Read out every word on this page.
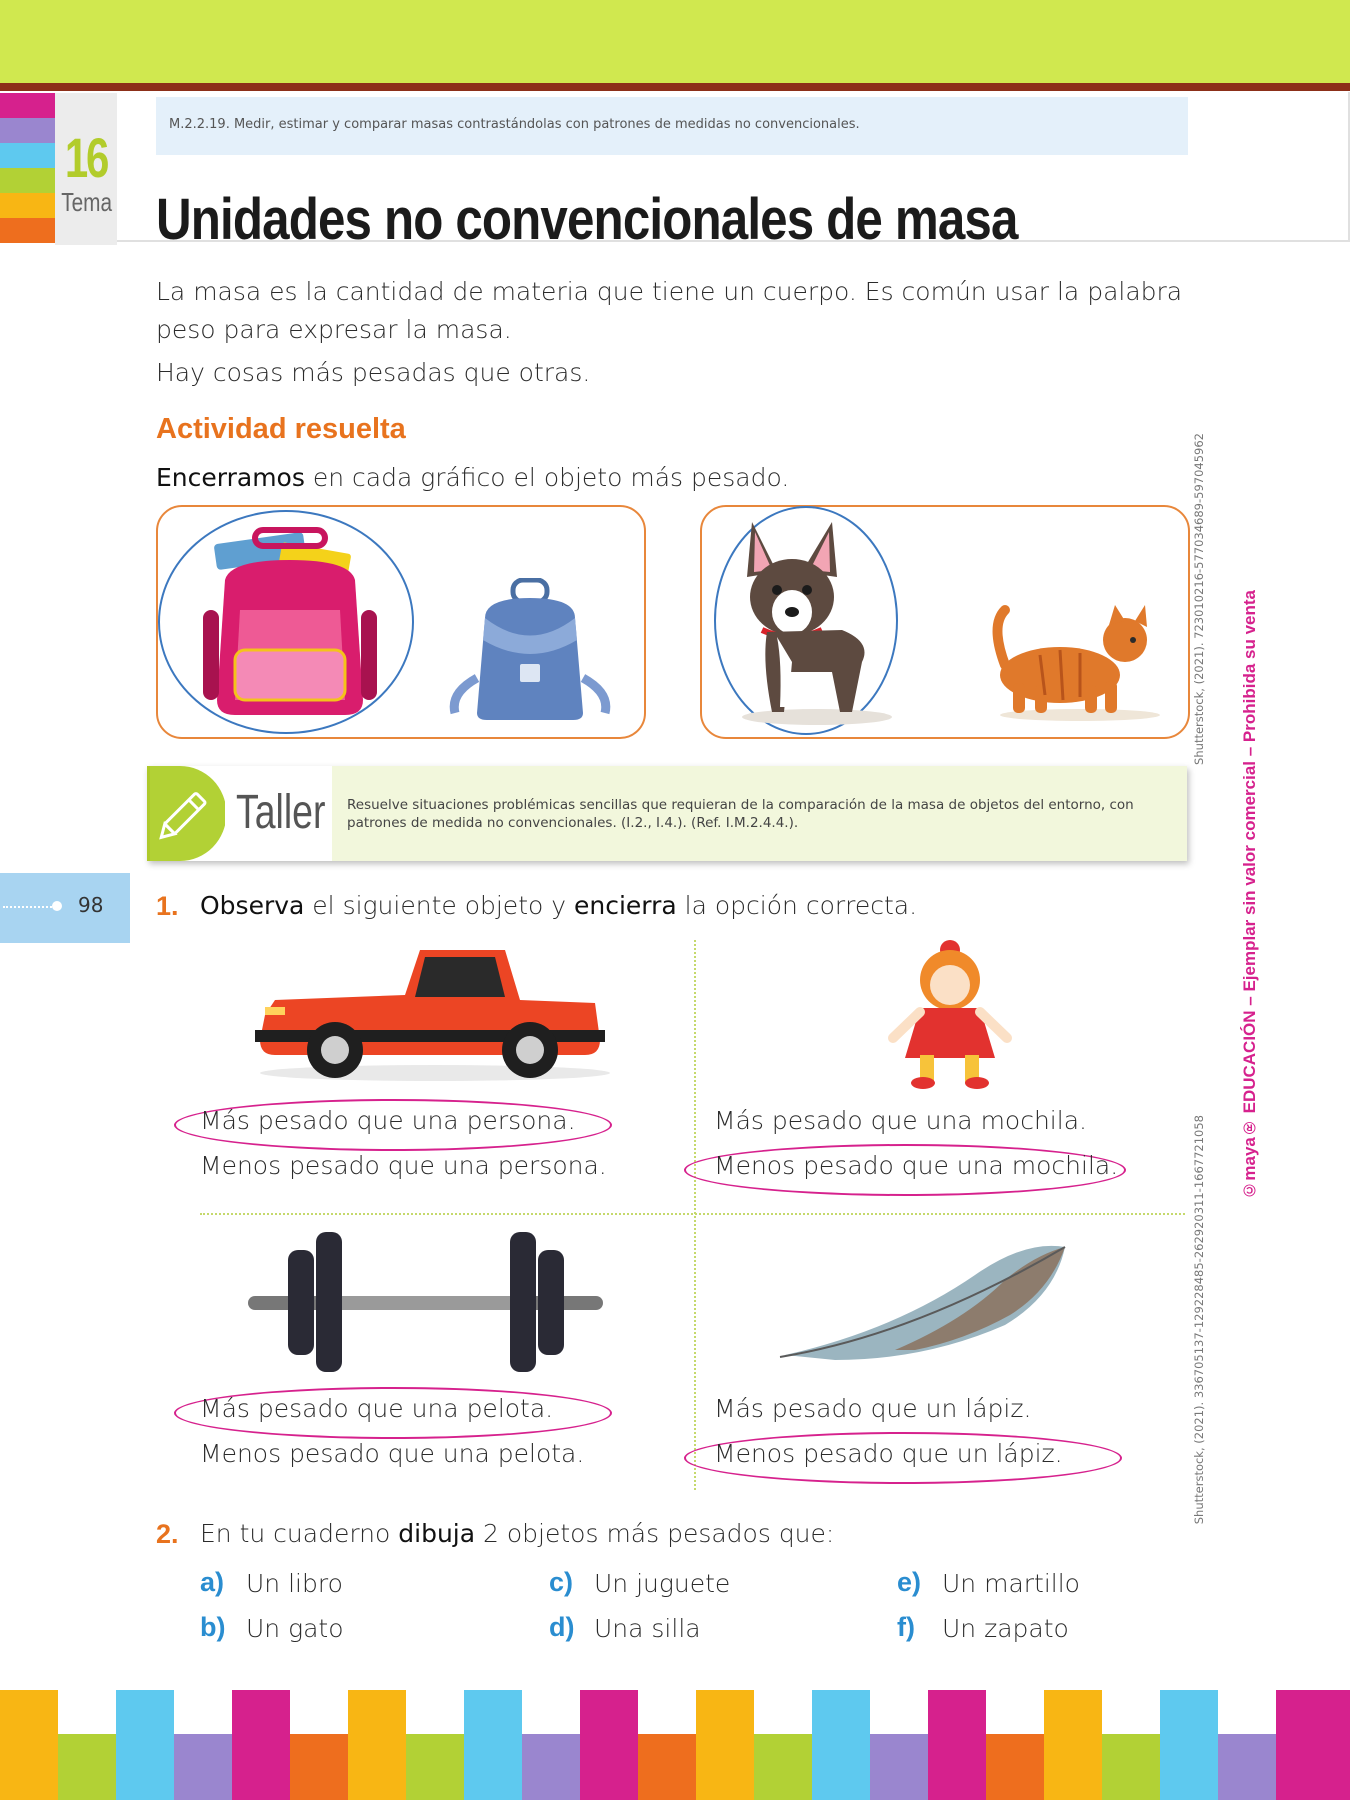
16
Tema
M.2.2.19. Medir, estimar y comparar masas contrastándolas con patrones de medidas no convencionales.
Unidades no convencionales de masa
La masa es la cantidad de materia que tiene un cuerpo. Es común usar la palabra peso para expresar la masa.
Hay cosas más pesadas que otras.
Actividad resuelta
Encerramos en cada gráfico el objeto más pesado.
Taller Resuelve situaciones problémicas sencillas que requieran de la comparación de la masa de objetos del entorno, con patrones de medida no convencionales. (I.2., I.4.). (Ref. I.M.2.4.4.).
98 1. Observa el siguiente objeto y encierra la opción correcta.
Más pesado que una persona.
Menos pesado que una persona.
Más pesado que una mochila.
Menos pesado que una mochila.
Más pesado que una pelota.
Menos pesado que una pelota.
Más pesado que un lápiz.
Menos pesado que un lápiz.
2. En tu cuaderno dibuja 2 objetos más pesados que:
a) Un libro
b) Un gato
c) Un juguete
d) Una silla
e) Un martillo
f) Un zapato
Shutterstock, (2021). 723010216-577034689-597045962
Shutterstock, (2021). 336705137-129228485-262920311-1667721058
©maya® EDUCACIÓN – Ejemplar sin valor comercial – Prohibida su venta
